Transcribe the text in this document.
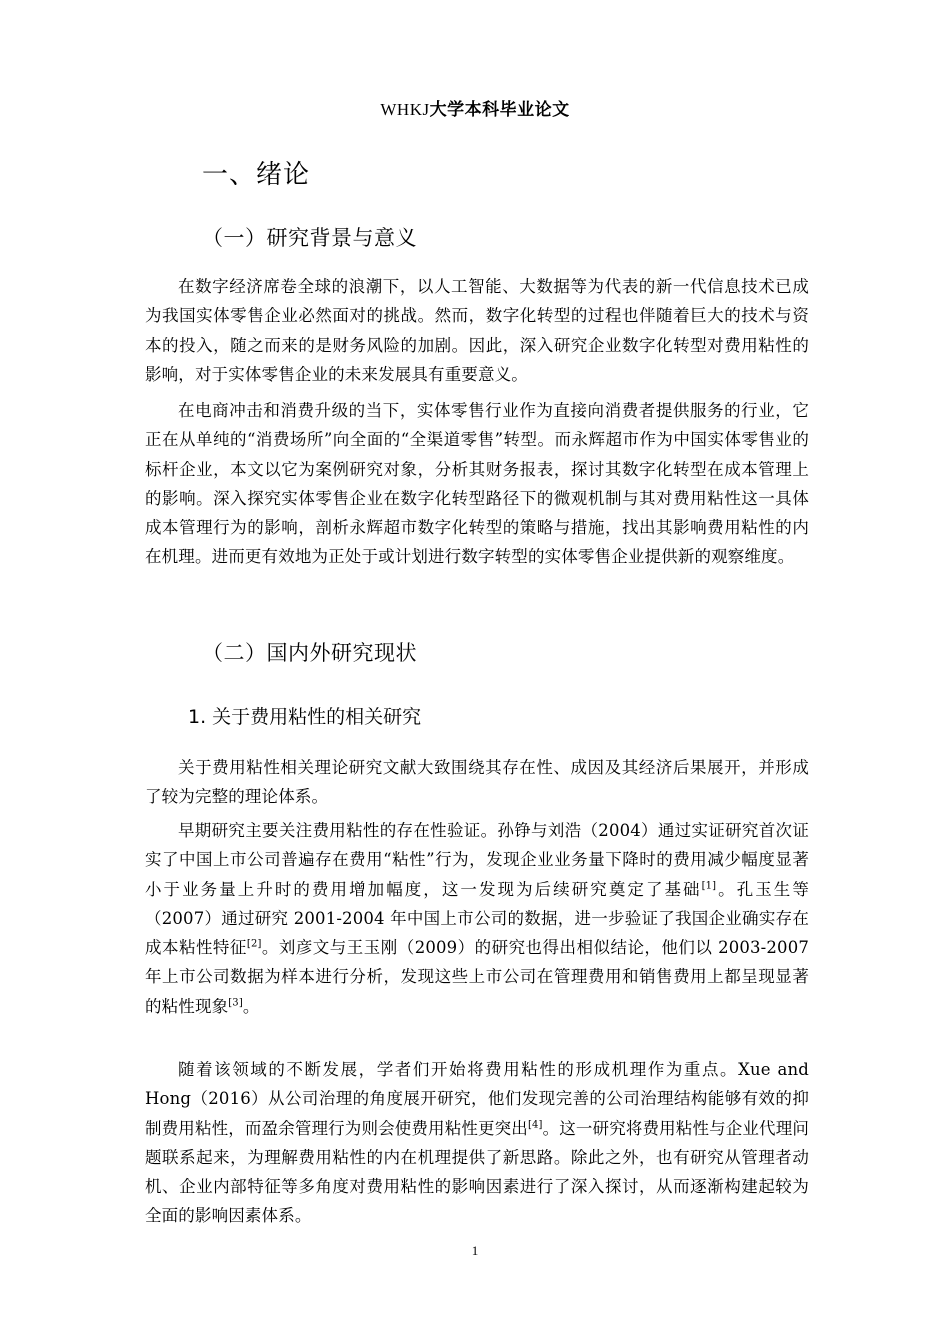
WHKJ大学本科毕业论文
一、绪论
（一）研究背景与意义

在数字经济席卷全球的浪潮下，以人工智能、大数据等为代表的新一代信息技术已成为我国实体零售企业必然面对的挑战。然而，数字化转型的过程也伴随着巨大的技术与资本的投入，随之而来的是财务风险的加剧。因此，深入研究企业数字化转型对费用粘性的影响，对于实体零售企业的未来发展具有重要意义。

在电商冲击和消费升级的当下，实体零售行业作为直接向消费者提供服务的行业，它正在从单纯的“消费场所”向全面的“全渠道零售”转型。而永辉超市作为中国实体零售业的标杆企业，本文以它为案例研究对象，分析其财务报表，探讨其数字化转型在成本管理上的影响。深入探究实体零售企业在数字化转型路径下的微观机制与其对费用粘性这一具体成本管理行为的影响，剖析永辉超市数字化转型的策略与措施，找出其影响费用粘性的内在机理。进而更有效地为正处于或计划进行数字转型的实体零售企业提供新的观察维度。

（二）国内外研究现状
1. 关于费用粘性的相关研究

关于费用粘性相关理论研究文献大致围绕其存在性、成因及其经济后果展开，并形成了较为完整的理论体系。

早期研究主要关注费用粘性的存在性验证。孙铮与刘浩（2004）通过实证研究首次证实了中国上市公司普遍存在费用“粘性”行为，发现企业业务量下降时的费用减少幅度显著小于业务量上升时的费用增加幅度，这一发现为后续研究奠定了基础[1]。孔玉生等（2007）通过研究 2001-2004 年中国上市公司的数据，进一步验证了我国企业确实存在成本粘性特征[2]。刘彦文与王玉刚（2009）的研究也得出相似结论，他们以 2003-2007 年上市公司数据为样本进行分析，发现这些上市公司在管理费用和销售费用上都呈现显著的粘性现象[3]。

随着该领域的不断发展，学者们开始将费用粘性的形成机理作为重点。Xue and Hong（2016）从公司治理的角度展开研究，他们发现完善的公司治理结构能够有效的抑制费用粘性，而盈余管理行为则会使费用粘性更突出[4]。这一研究将费用粘性与企业代理问题联系起来，为理解费用粘性的内在机理提供了新思路。除此之外，也有研究从管理者动机、企业内部特征等多角度对费用粘性的影响因素进行了深入探讨，从而逐渐构建起较为全面的影响因素体系。

1
